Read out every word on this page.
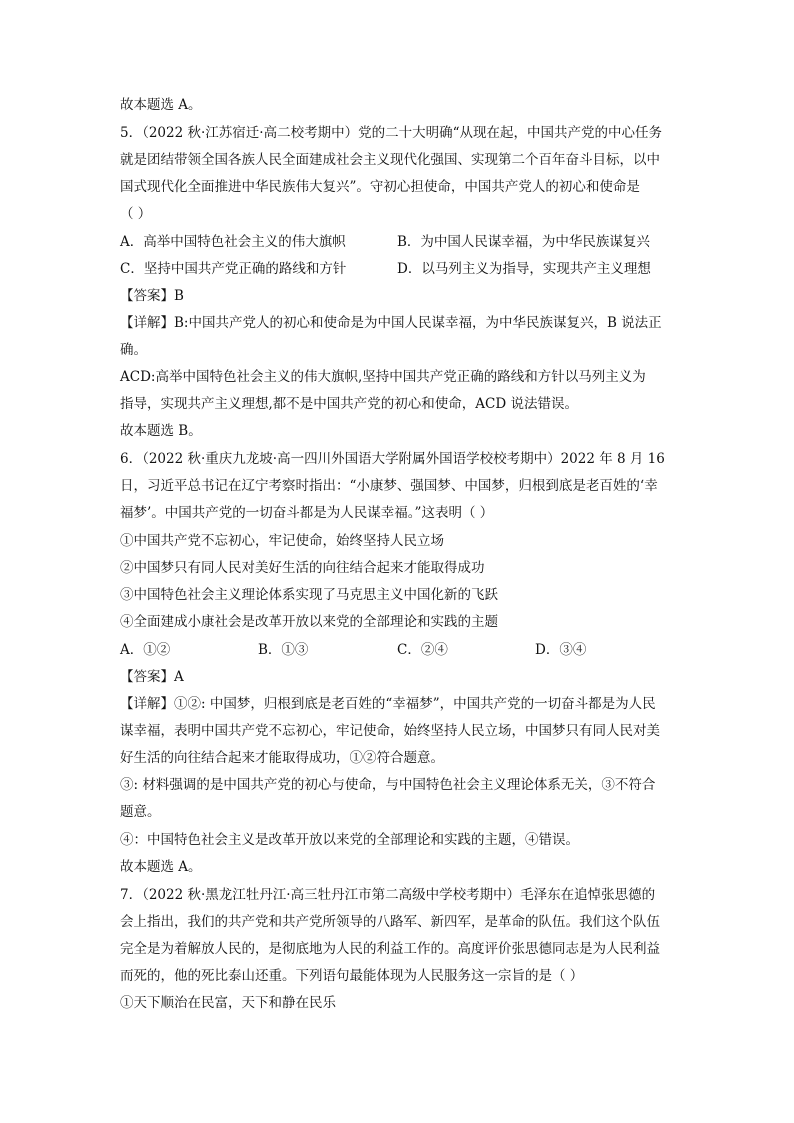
故本题选 A。
5．（2022 秋·江苏宿迁·高二校考期中）党的二十大明确“从现在起，中国共产党的中心任务
就是团结带领全国各族人民全面建成社会主义现代化强国、实现第二个百年奋斗目标，以中
国式现代化全面推进中华民族伟大复兴”。守初心担使命，中国共产党人的初心和使命是
（ ）
A．高举中国特色社会主义的伟大旗帜	B．为中国人民谋幸福，为中华民族谋复兴
C．坚持中国共产党正确的路线和方针	D．以马列主义为指导，实现共产主义理想
【答案】B
【详解】B:中国共产党人的初心和使命是为中国人民谋幸福，为中华民族谋复兴，B 说法正
确。
ACD:高举中国特色社会主义的伟大旗帜,坚持中国共产党正确的路线和方针以马列主义为
指导，实现共产主义理想,都不是中国共产党的初心和使命，ACD 说法错误。
故本题选 B。
6．（2022 秋·重庆九龙坡·高一四川外国语大学附属外国语学校校考期中）2022 年 8 月 16
日，习近平总书记在辽宁考察时指出：“小康梦、强国梦、中国梦，归根到底是老百姓的‘幸
福梦’。中国共产党的一切奋斗都是为人民谋幸福。”这表明（ ）
①中国共产党不忘初心，牢记使命，始终坚持人民立场
②中国梦只有同人民对美好生活的向往结合起来才能取得成功
③中国特色社会主义理论体系实现了马克思主义中国化新的飞跃
④全面建成小康社会是改革开放以来党的全部理论和实践的主题
A．①②	B．①③	C．②④	D．③④
【答案】A
【详解】①②: 中国梦，归根到底是老百姓的“幸福梦”，中国共产党的一切奋斗都是为人民
谋幸福，表明中国共产党不忘初心，牢记使命，始终坚持人民立场，中国梦只有同人民对美
好生活的向往结合起来才能取得成功，①②符合题意。
③: 材料强调的是中国共产党的初心与使命，与中国特色社会主义理论体系无关，③不符合
题意。
④：中国特色社会主义是改革开放以来党的全部理论和实践的主题，④错误。
故本题选 A。
7．（2022 秋·黑龙江牡丹江·高三牡丹江市第二高级中学校考期中）毛泽东在追悼张思德的
会上指出，我们的共产党和共产党所领导的八路军、新四军，是革命的队伍。我们这个队伍
完全是为着解放人民的，是彻底地为人民的利益工作的。高度评价张思德同志是为人民利益
而死的，他的死比泰山还重。下列语句最能体现为人民服务这一宗旨的是（ ）
①天下顺治在民富，天下和静在民乐
